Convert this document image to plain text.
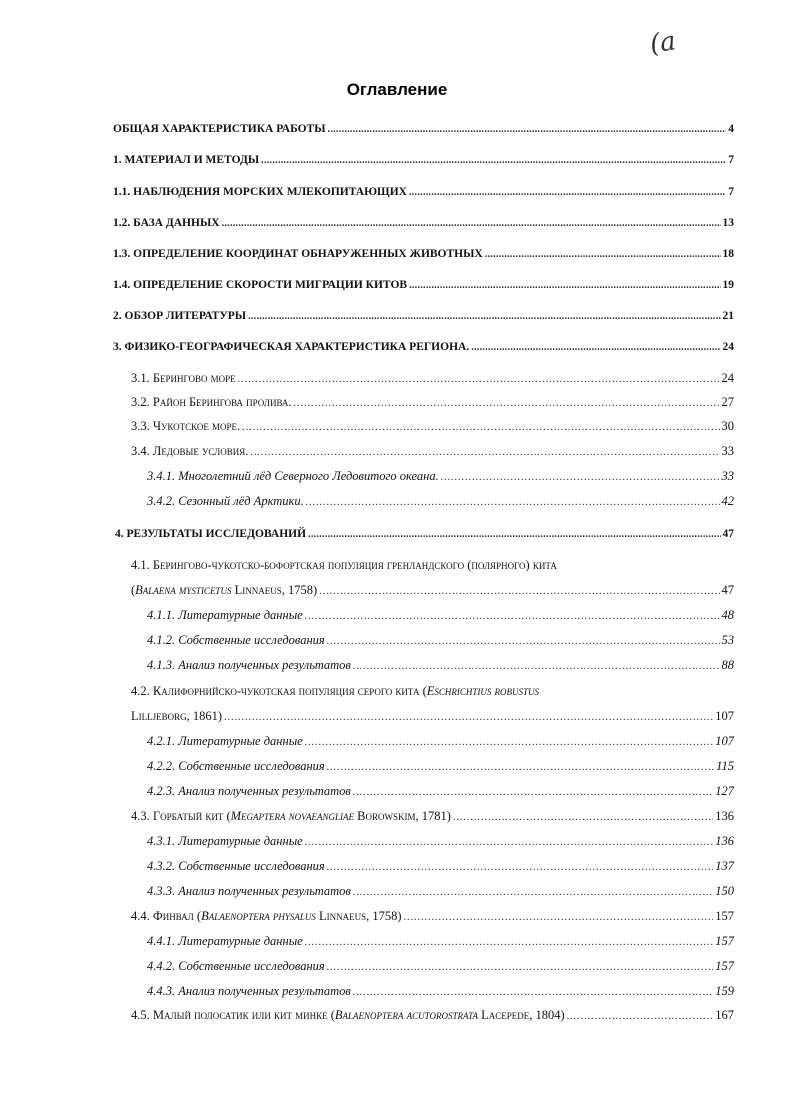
(a
Оглавление
ОБЩАЯ ХАРАКТЕРИСТИКА РАБОТЫ .....	4
1. МАТЕРИАЛ И МЕТОДЫ .....	7
1.1. НАБЛЮДЕНИЯ МОРСКИХ МЛЕКОПИТАЮЩИХ .....	7
1.2. БАЗА ДАННЫХ .....	13
1.3. ОПРЕДЕЛЕНИЕ КООРДИНАТ ОБНАРУЖЕННЫХ ЖИВОТНЫХ .....	18
1.4. ОПРЕДЕЛЕНИЕ СКОРОСТИ МИГРАЦИИ КИТОВ .....	19
2. ОБЗОР ЛИТЕРАТУРЫ .....	21
3. ФИЗИКО-ГЕОГРАФИЧЕСКАЯ ХАРАКТЕРИСТИКА РЕГИОНА. .....	24
3.1. Берингово море .....	24
3.2. Район Берингова пролива. .....	27
3.3. Чукотское море. .....	30
3.4. Ледовые условия. .....	33
3.4.1. Многолетний лёд Северного Ледовитого океана. .....	33
3.4.2. Сезонный лёд Арктики. .....	42
4. РЕЗУЛЬТАТЫ ИССЛЕДОВАНИЙ .....	47
4.1. Берингово-чукотско-бофортская популяция гренландского (полярного) кита
(Balaena mysticetus Linnaeus, 1758) .....	47
4.1.1. Литературные данные .....	48
4.1.2. Собственные исследования .....	53
4.1.3. Анализ полученных результатов .....	88
4.2. Калифорнийско-чукотская популяция серого кита (Eschrichtius robustus
Lilljeborg, 1861) .....	107
4.2.1. Литературные данные .....	107
4.2.2. Собственные исследования .....	115
4.2.3. Анализ полученных результатов .....	127
4.3. Горбатый кит (Megaptera novaeangliae Borowskim, 1781) .....	136
4.3.1. Литературные данные .....	136
4.3.2. Собственные исследования .....	137
4.3.3. Анализ полученных результатов .....	150
4.4. Финвал (Balaenoptera physalus Linnaeus, 1758) .....	157
4.4.1. Литературные данные .....	157
4.4.2. Собственные исследования .....	157
4.4.3. Анализ полученных результатов .....	159
4.5. Малый полосатик или кит минке (Balaenoptera acutorostrata Lacepede, 1804) .....	167
